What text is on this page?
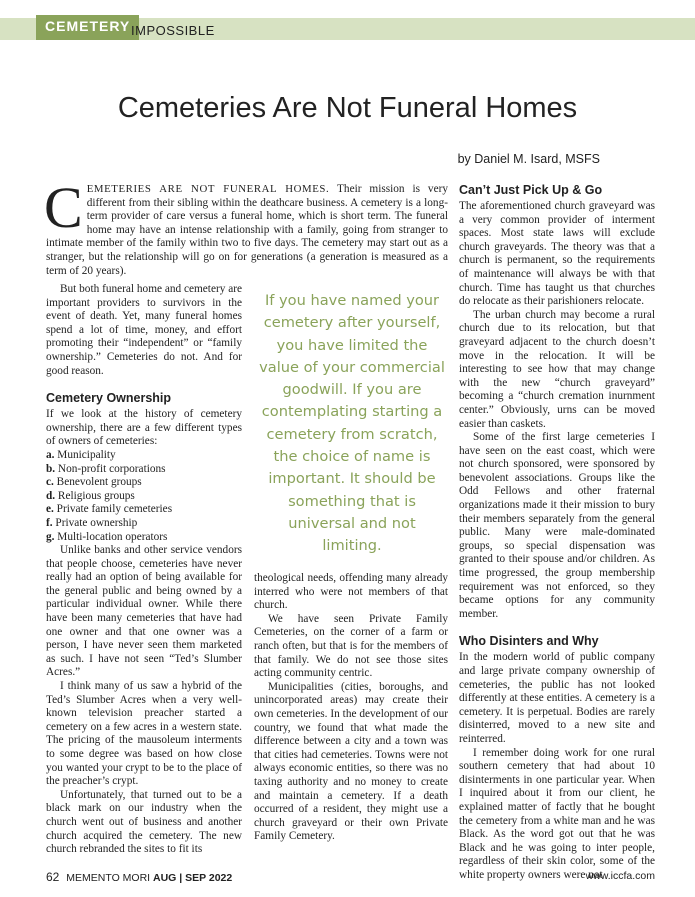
CEMETERY IMPOSSIBLE
Cemeteries Are Not Funeral Homes
by Daniel M. Isard, MSFS

CEMETERIES ARE NOT FUNERAL HOMES. Their mission is very different from their sibling within the deathcare business. A cemetery is a long-term provider of care versus a funeral home, which is short term. The funeral home may have an intense relationship with a family, going from stranger to intimate member of the family within two to five days. The cemetery may start out as a stranger, but the relationship will go on for generations (a generation is measured as a term of 20 years).

But both funeral home and cemetery are important providers to survivors in the event of death. Yet, many funeral homes spend a lot of time, money, and effort promoting their “independent” or “family ownership.” Cemeteries do not. And for good reason.

Cemetery Ownership

If we look at the history of cemetery ownership, there are a few different types of owners of cemeteries:

a. Municipality
b. Non-profit corporations
c. Benevolent groups
d. Religious groups
e. Private family cemeteries
f. Private ownership
g. Multi-location operators

Unlike banks and other service vendors that people choose, cemeteries have never really had an option of being available for the general public and being owned by a particular individual owner. While there have been many cemeteries that have had one owner and that one owner was a person, I have never seen them marketed as such. I have not seen “Ted’s Slumber Acres.”

I think many of us saw a hybrid of the Ted’s Slumber Acres when a very well-known television preacher started a cemetery on a few acres in a western state. The pricing of the mausoleum interments to some degree was based on how close you wanted your crypt to be to the place of the preacher’s crypt.

Unfortunately, that turned out to be a black mark on our industry when the church went out of business and another church acquired the cemetery. The new church rebranded the sites to fit its

If you have named your cemetery after yourself, you have limited the value of your commercial goodwill. If you are contemplating starting a cemetery from scratch, the choice of name is important. It should be something that is universal and not limiting.

theological needs, offending many already interred who were not members of that church.

We have seen Private Family Cemeteries, on the corner of a farm or ranch often, but that is for the members of that family. We do not see those sites acting community centric.

Municipalities (cities, boroughs, and unincorporated areas) may create their own cemeteries. In the development of our country, we found that what made the difference between a city and a town was that cities had cemeteries. Towns were not always economic entities, so there was no taxing authority and no money to create and maintain a cemetery. If a death occurred of a resident, they might use a church graveyard or their own Private Family Cemetery.

Can’t Just Pick Up & Go

The aforementioned church graveyard was a very common provider of interment spaces. Most state laws will exclude church graveyards. The theory was that a church is permanent, so the requirements of maintenance will always be with that church. Time has taught us that churches do relocate as their parishioners relocate.

The urban church may become a rural church due to its relocation, but that graveyard adjacent to the church doesn’t move in the relocation. It will be interesting to see how that may change with the new “church graveyard” becoming a “church cremation inurnment center.” Obviously, urns can be moved easier than caskets.

Some of the first large cemeteries I have seen on the east coast, which were not church sponsored, were sponsored by benevolent associations. Groups like the Odd Fellows and other fraternal organizations made it their mission to bury their members separately from the general public. Many were male-dominated groups, so special dispensation was granted to their spouse and/or children. As time progressed, the group membership requirement was not enforced, so they became options for any community member.

Who Disinters and Why

In the modern world of public company and large private company ownership of cemeteries, the public has not looked differently at these entities. A cemetery is a cemetery. It is perpetual. Bodies are rarely disinterred, moved to a new site and reinterred.

I remember doing work for one rural southern cemetery that had about 10 disinterments in one particular year. When I inquired about it from our client, he explained matter of factly that he bought the cemetery from a white man and he was Black. As the word got out that he was Black and he was going to inter people, regardless of their skin color, some of the white property owners were not

62 MEMENTO MORI AUG | SEP 2022	www.iccfa.com
